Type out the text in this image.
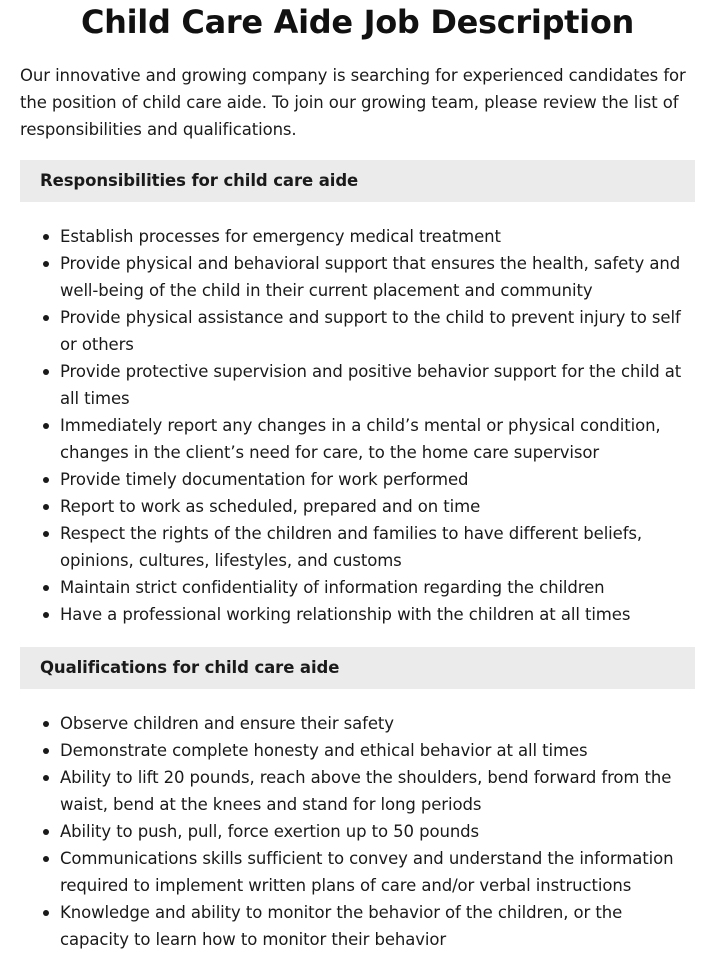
Child Care Aide Job Description

Our innovative and growing company is searching for experienced candidates for the position of child care aide. To join our growing team, please review the list of responsibilities and qualifications.

Responsibilities for child care aide
Establish processes for emergency medical treatment
Provide physical and behavioral support that ensures the health, safety and well-being of the child in their current placement and community
Provide physical assistance and support to the child to prevent injury to self or others
Provide protective supervision and positive behavior support for the child at all times
Immediately report any changes in a child’s mental or physical condition, changes in the client’s need for care, to the home care supervisor
Provide timely documentation for work performed
Report to work as scheduled, prepared and on time
Respect the rights of the children and families to have different beliefs, opinions, cultures, lifestyles, and customs
Maintain strict confidentiality of information regarding the children
Have a professional working relationship with the children at all times
Qualifications for child care aide
Observe children and ensure their safety
Demonstrate complete honesty and ethical behavior at all times
Ability to lift 20 pounds, reach above the shoulders, bend forward from the waist, bend at the knees and stand for long periods
Ability to push, pull, force exertion up to 50 pounds
Communications skills sufficient to convey and understand the information required to implement written plans of care and/or verbal instructions
Knowledge and ability to monitor the behavior of the children, or the capacity to learn how to monitor their behavior
